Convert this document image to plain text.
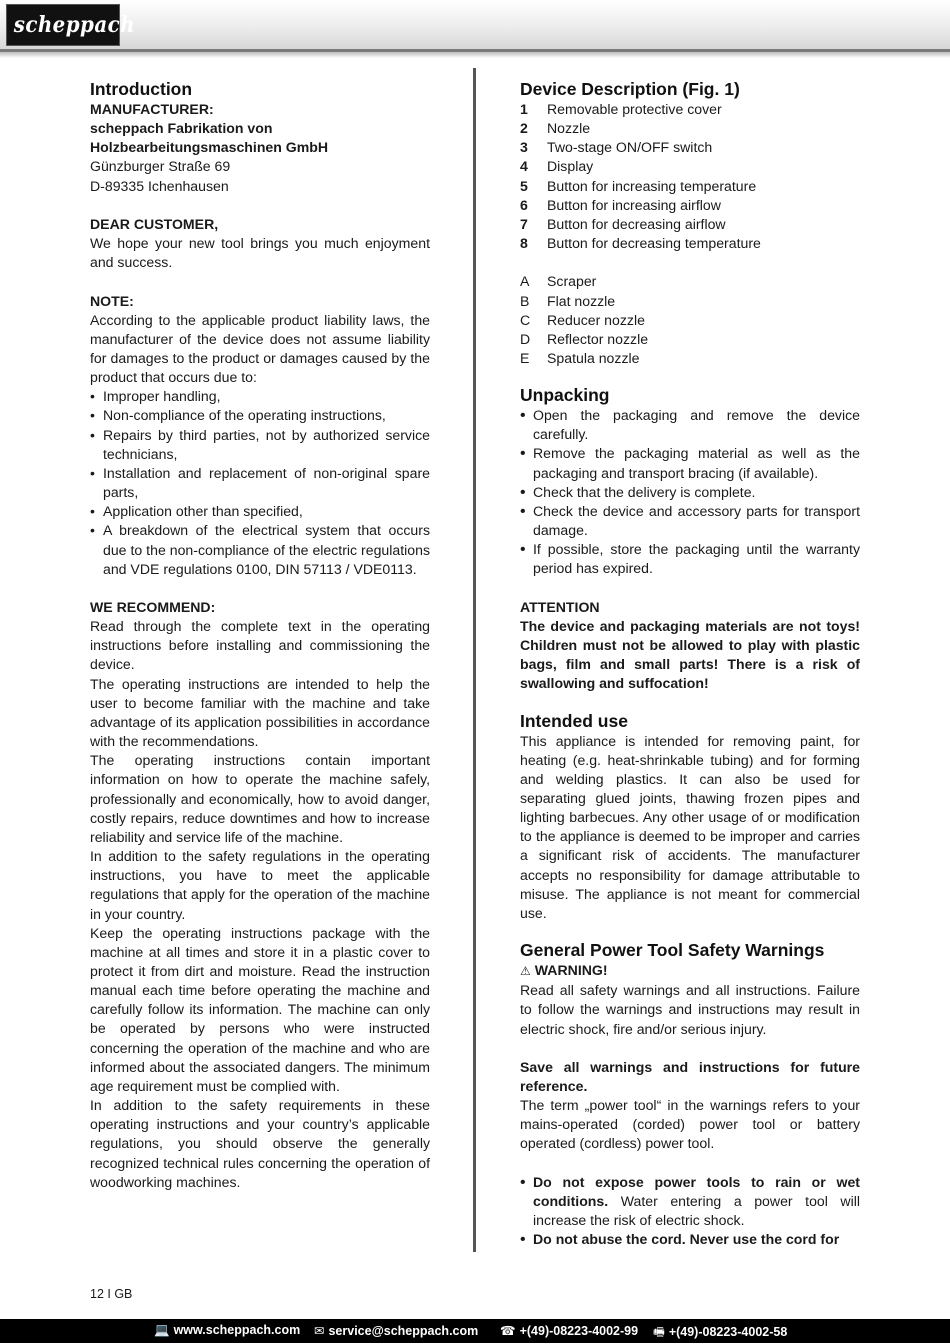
scheppach
Introduction
MANUFACTURER:
scheppach Fabrikation von
Holzbearbeitungsmaschinen GmbH
Günzburger Straße 69
D-89335 Ichenhausen
DEAR CUSTOMER,

We hope your new tool brings you much enjoyment and success.

NOTE:

According to the applicable product liability laws, the manufacturer of the device does not assume liability for damages to the product or damages caused by the product that occurs due to:

• Improper handling,
• Non-compliance of the operating instructions,
• Repairs by third parties, not by authorized service technicians,
• Installation and replacement of non-original spare parts,
• Application other than specified,
• A breakdown of the electrical system that occurs due to the non-compliance of the electric regulations and VDE regulations 0100, DIN 57113 / VDE0113.
WE RECOMMEND:

Read through the complete text in the operating instructions before installing and commissioning the device.

The operating instructions are intended to help the user to become familiar with the machine and take advantage of its application possibilities in accordance with the recommendations.

The operating instructions contain important information on how to operate the machine safely, professionally and economically, how to avoid danger, costly repairs, reduce downtimes and how to increase reliability and service life of the machine.

In addition to the safety regulations in the operating instructions, you have to meet the applicable regulations that apply for the operation of the machine in your country.

Keep the operating instructions package with the machine at all times and store it in a plastic cover to protect it from dirt and moisture. Read the instruction manual each time before operating the machine and carefully follow its information. The machine can only be operated by persons who were instructed concerning the operation of the machine and who are informed about the associated dangers. The minimum age requirement must be complied with.

In addition to the safety requirements in these operating instructions and your country’s applicable regulations, you should observe the generally recognized technical rules concerning the operation of woodworking machines.

Device Description (Fig. 1)
1	Removable protective cover
2	Nozzle
3	Two-stage ON/OFF switch
4	Display
5	Button for increasing temperature
6	Button for increasing airflow
7	Button for decreasing airflow
8	Button for decreasing temperature
A	Scraper
B	Flat nozzle
C	Reducer nozzle
D	Reflector nozzle
E	Spatula nozzle
Unpacking
• Open the packaging and remove the device carefully.
• Remove the packaging material as well as the packaging and transport bracing (if available).
• Check that the delivery is complete.
• Check the device and accessory parts for transport damage.
• If possible, store the packaging until the warranty period has expired.
ATTENTION

The device and packaging materials are not toys! Children must not be allowed to play with plastic bags, film and small parts! There is a risk of swallowing and suffocation!

Intended use

This appliance is intended for removing paint, for heating (e.g. heat-shrinkable tubing) and for forming and welding plastics. It can also be used for separating glued joints, thawing frozen pipes and lighting barbecues. Any other usage of or modification to the appliance is deemed to be improper and carries a significant risk of accidents. The manufacturer accepts no responsibility for damage attributable to misuse. The appliance is not meant for commercial use.

General Power Tool Safety Warnings
⚠ WARNING!

Read all safety warnings and all instructions. Failure to follow the warnings and instructions may result in electric shock, fire and/or serious injury.

Save all warnings and instructions for future reference.

The term „power tool“ in the warnings refers to your mains-operated (corded) power tool or battery operated (cordless) power tool.

• Do not expose power tools to rain or wet conditions. Water entering a power tool will increase the risk of electric shock.
• Do not abuse the cord. Never use the cord for
12 I GB
💻 www.scheppach.com ✉ service@scheppach.com ☎ +(49)-08223-4002-99 🖷 +(49)-08223-4002-58
